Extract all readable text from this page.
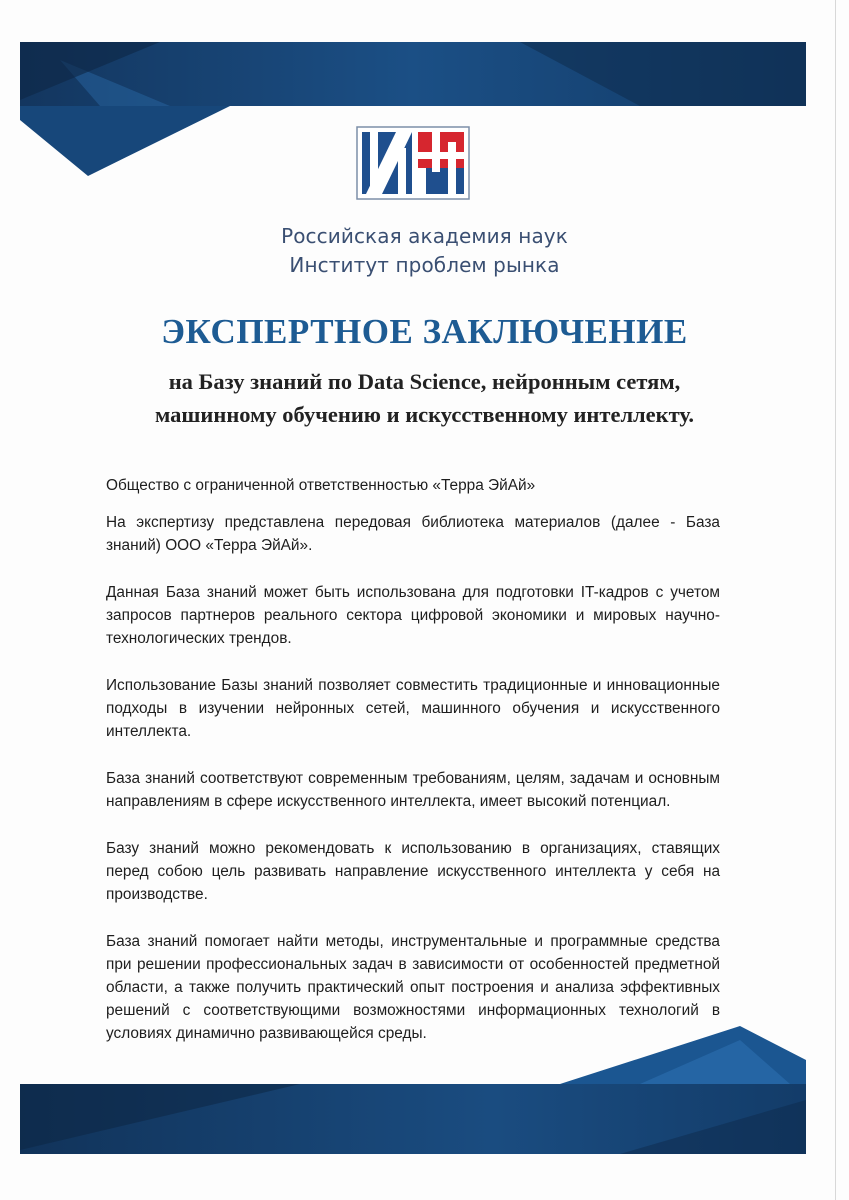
Российская академия наук
Институт проблем рынка
ЭКСПЕРТНОЕ ЗАКЛЮЧЕНИЕ
на Базу знаний по Data Science, нейронным сетям,
машинному обучению и искусственному интеллекту.

Общество с ограниченной ответственностью «Терра ЭйАй»

На экспертизу представлена передовая библиотека материалов (далее - База знаний) ООО «Терра ЭйАй».

Данная База знаний может быть использована для подготовки IT-кадров с учетом запросов партнеров реального сектора цифровой экономики и мировых научно-технологических трендов.

Использование Базы знаний позволяет совместить традиционные и инновационные подходы в изучении нейронных сетей, машинного обучения и искусственного интеллекта.

База знаний соответствуют современным требованиям, целям, задачам и основным направлениям в сфере искусственного интеллекта, имеет высокий потенциал.

Базу знаний можно рекомендовать к использованию в организациях, ставящих перед собою цель развивать направление искусственного интеллекта у себя на производстве.

База знаний помогает найти методы, инструментальные и программные средства при решении профессиональных задач в зависимости от особенностей предметной области, а также получить практический опыт построения и анализа эффективных решений с соответствующими возможностями информационных технологий в условиях динамично развивающейся среды.
